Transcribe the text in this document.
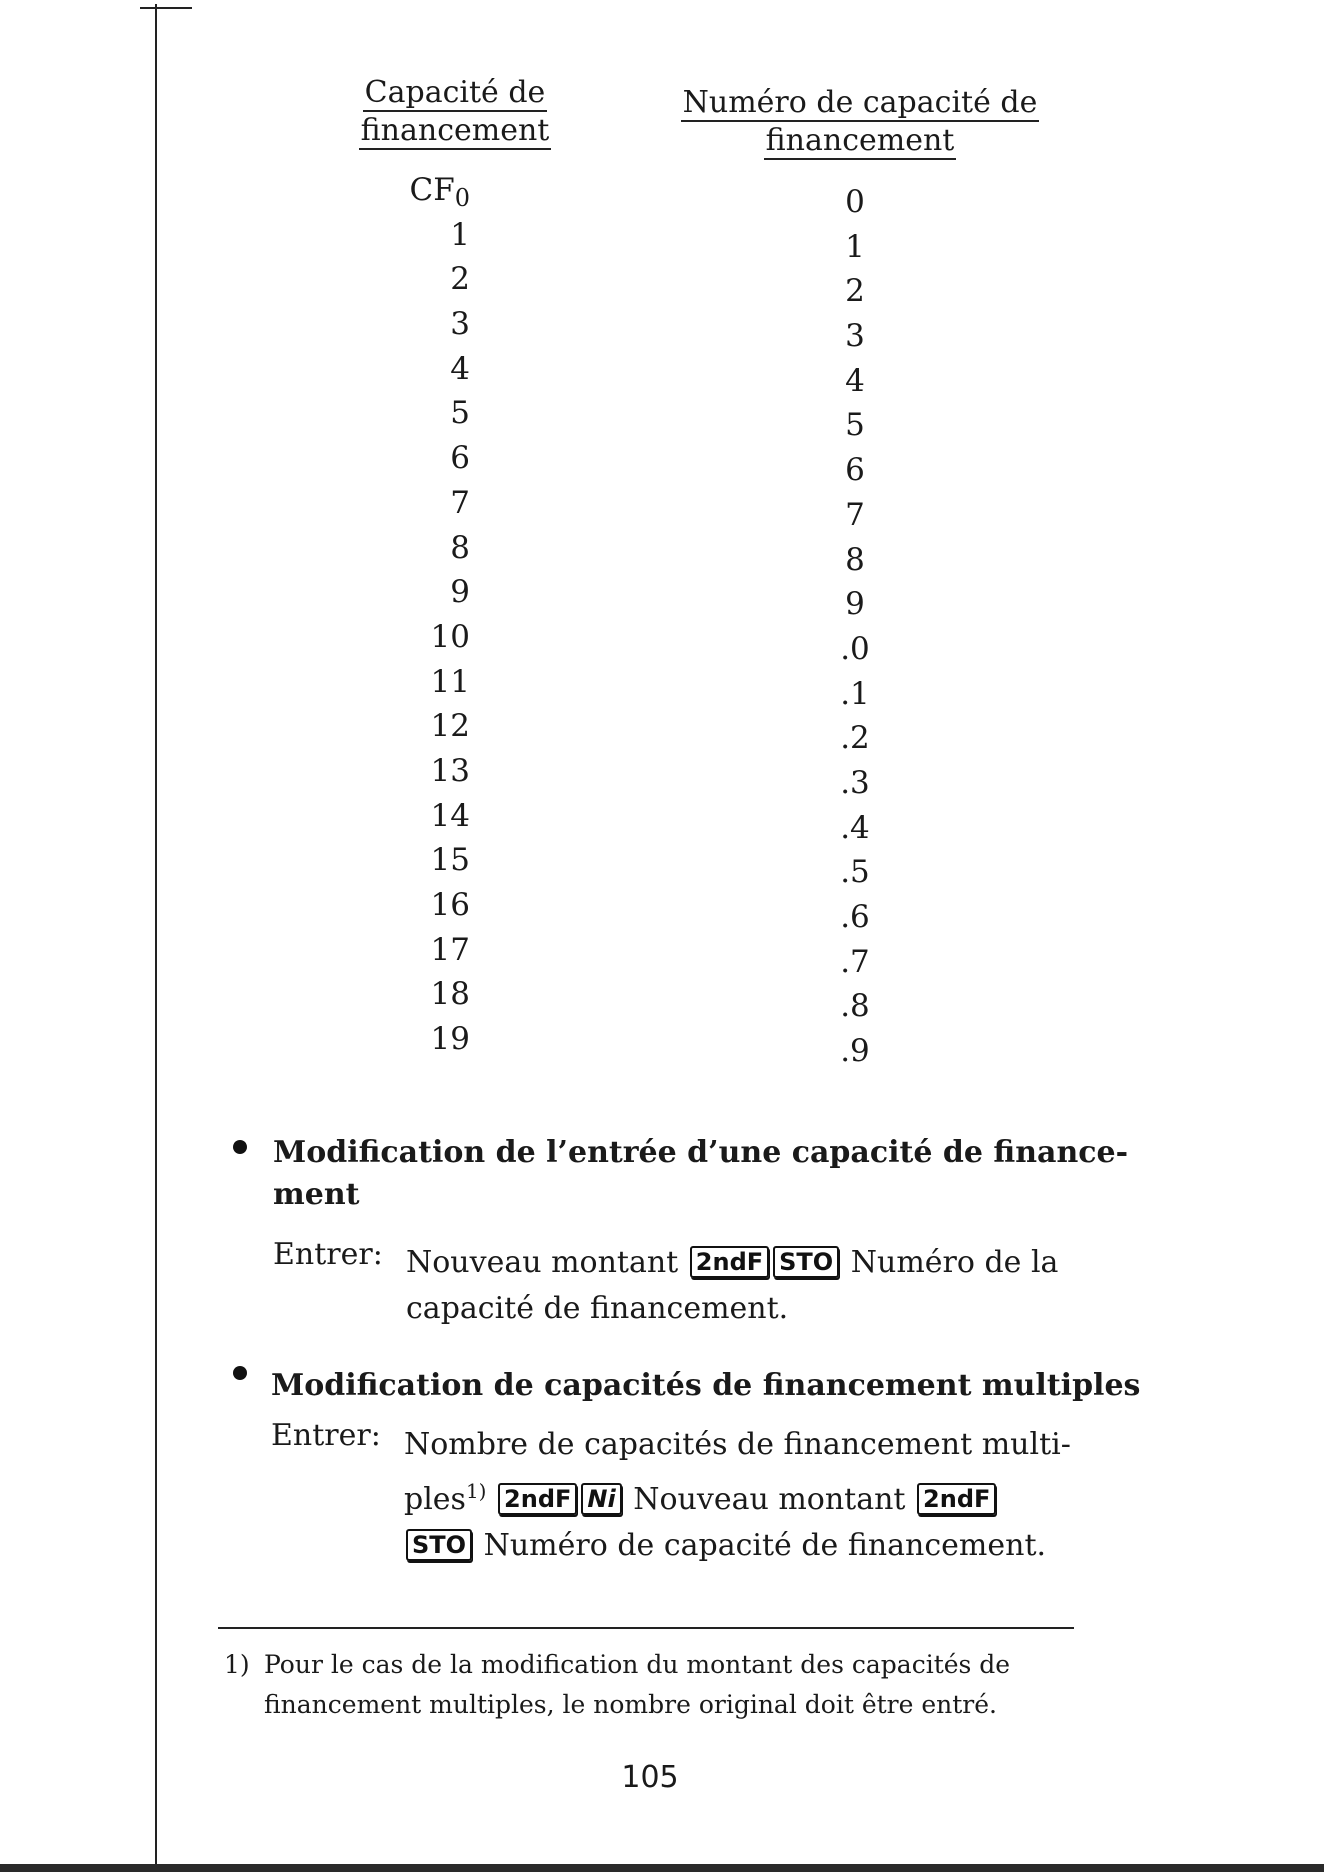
Capacité de
financement
Numéro de capacité de
financement
$CF_0$	0
1	1
2	2
3	3
4	4
5	5
6	6
7	7
8	8
9	9
10	.0
11	.1
12	.2
13	.3
14	.4
15	.5
16	.6
17	.7
18	.8
19	.9
Modification de l’entrée d’une capacité de finance-
ment
Entrer: Nouveau montant 2ndF STO Numéro de la
capacité de financement.
Modification de capacités de financement multiples
Entrer: Nombre de capacités de financement multi-
ples$^{1)}$ 2ndF Ni Nouveau montant 2ndF
STO Numéro de capacité de financement.
1) Pour le cas de la modification du montant des capacités de
financement multiples, le nombre original doit être entré.
105
